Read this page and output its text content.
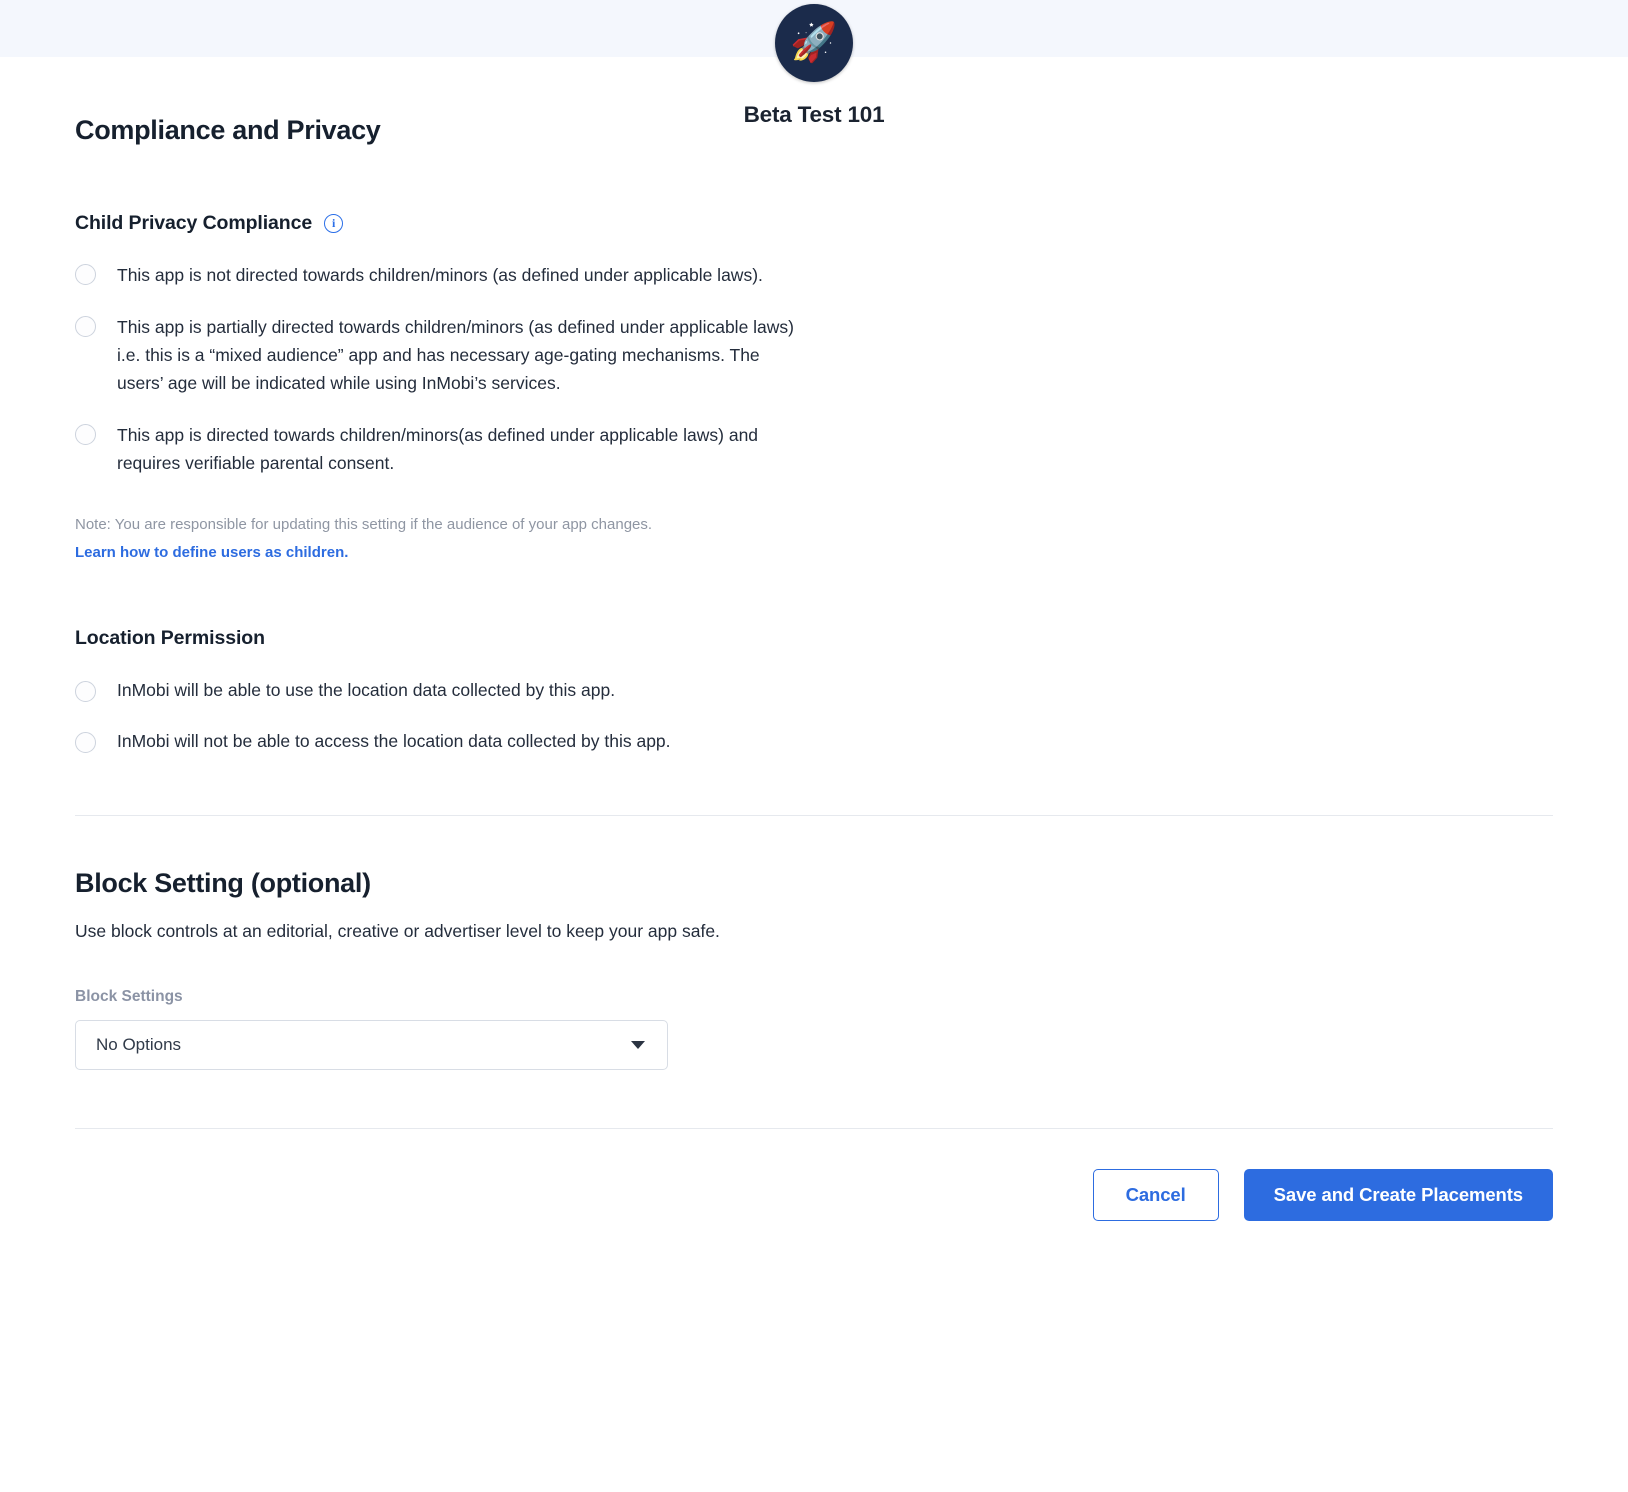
🚀
Beta Test 101
Compliance and Privacy
Child Privacy Compliance	i
This app is not directed towards children/minors (as defined under applicable laws).
This app is partially directed towards children/minors (as defined under applicable laws) i.e. this is a “mixed audience” app and has necessary age-gating mechanisms. The users’ age will be indicated while using InMobi’s services.
This app is directed towards children/minors(as defined under applicable laws) and requires verifiable parental consent.
Note: You are responsible for updating this setting if the audience of your app changes.
Learn how to define users as children.
Location Permission
InMobi will be able to use the location data collected by this app.
InMobi will not be able to access the location data collected by this app.
Block Setting (optional)
Use block controls at an editorial, creative or advertiser level to keep your app safe.
Block Settings
No Options
Cancel	Save and Create Placements
